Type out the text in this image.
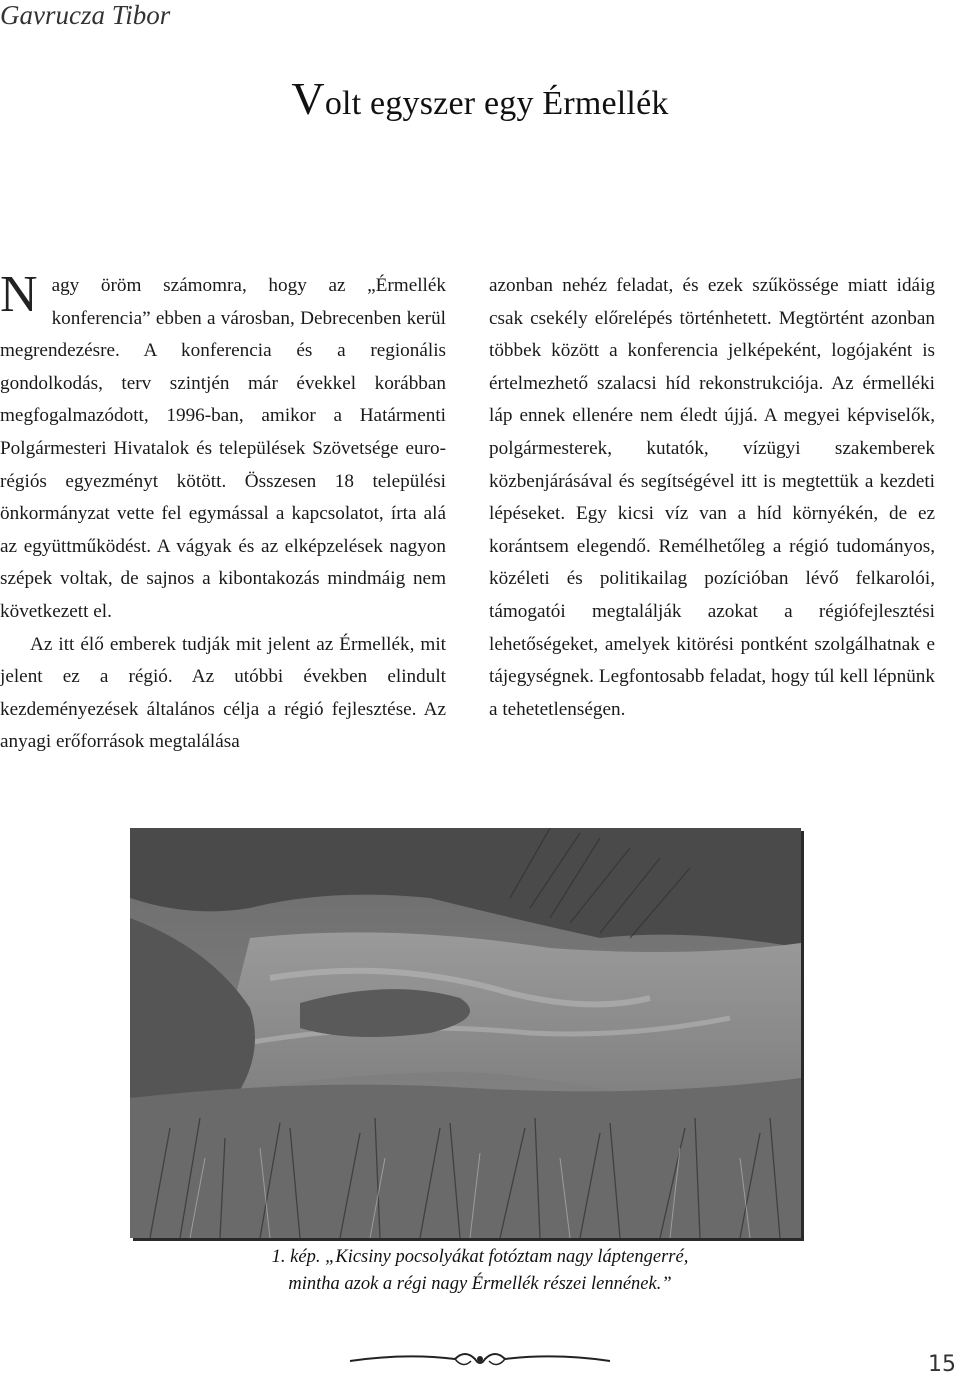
Gavrucza Tibor
Volt egyszer egy Érmellék

Nagy öröm számomra, hogy az „Érmellék konferencia” ebben a városban, Debrecenben kerül megrendezésre. A konferencia és a regionális gondolkodás, terv szintjén már évekkel korábban megfogalmazódott, 1996-ban, amikor a Határmenti Polgármesteri Hivatalok és települések Szövetsége euro-régiós egyezményt kötött. Összesen 18 települési önkormányzat vette fel egymással a kapcsolatot, írta alá az együttműködést. A vágyak és az elképzelések nagyon szépek voltak, de sajnos a kibontakozás mindmáig nem következett el.

Az itt élő emberek tudják mit jelent az Érmellék, mit jelent ez a régió. Az utóbbi években elindult kezdeményezések általános célja a régió fejlesztése. Az anyagi erőforrások megtalálása

azonban nehéz feladat, és ezek szűkössége miatt idáig csak csekély előrelépés történhetett. Megtörtént azonban többek között a konferencia jelképeként, logójaként is értelmezhető szalacsi híd rekonstrukciója. Az érmelléki láp ennek ellenére nem éledt újjá. A megyei képviselők, polgármesterek, kutatók, vízügyi szakemberek közbenjárásával és segítségével itt is megtettük a kezdeti lépéseket. Egy kicsi víz van a híd környékén, de ez korántsem elegendő. Remélhetőleg a régió tudományos, közéleti és politikailag pozícióban lévő felkarolói, támogatói megtalálják azokat a régiófejlesztési lehetőségeket, amelyek kitörési pontként szolgálhatnak e tájegységnek. Legfontosabb feladat, hogy túl kell lépnünk a tehetetlenségen.

1. kép. „Kicsiny pocsolyákat fotóztam nagy láptengerré,
mintha azok a régi nagy Érmellék részei lennének.”
15
